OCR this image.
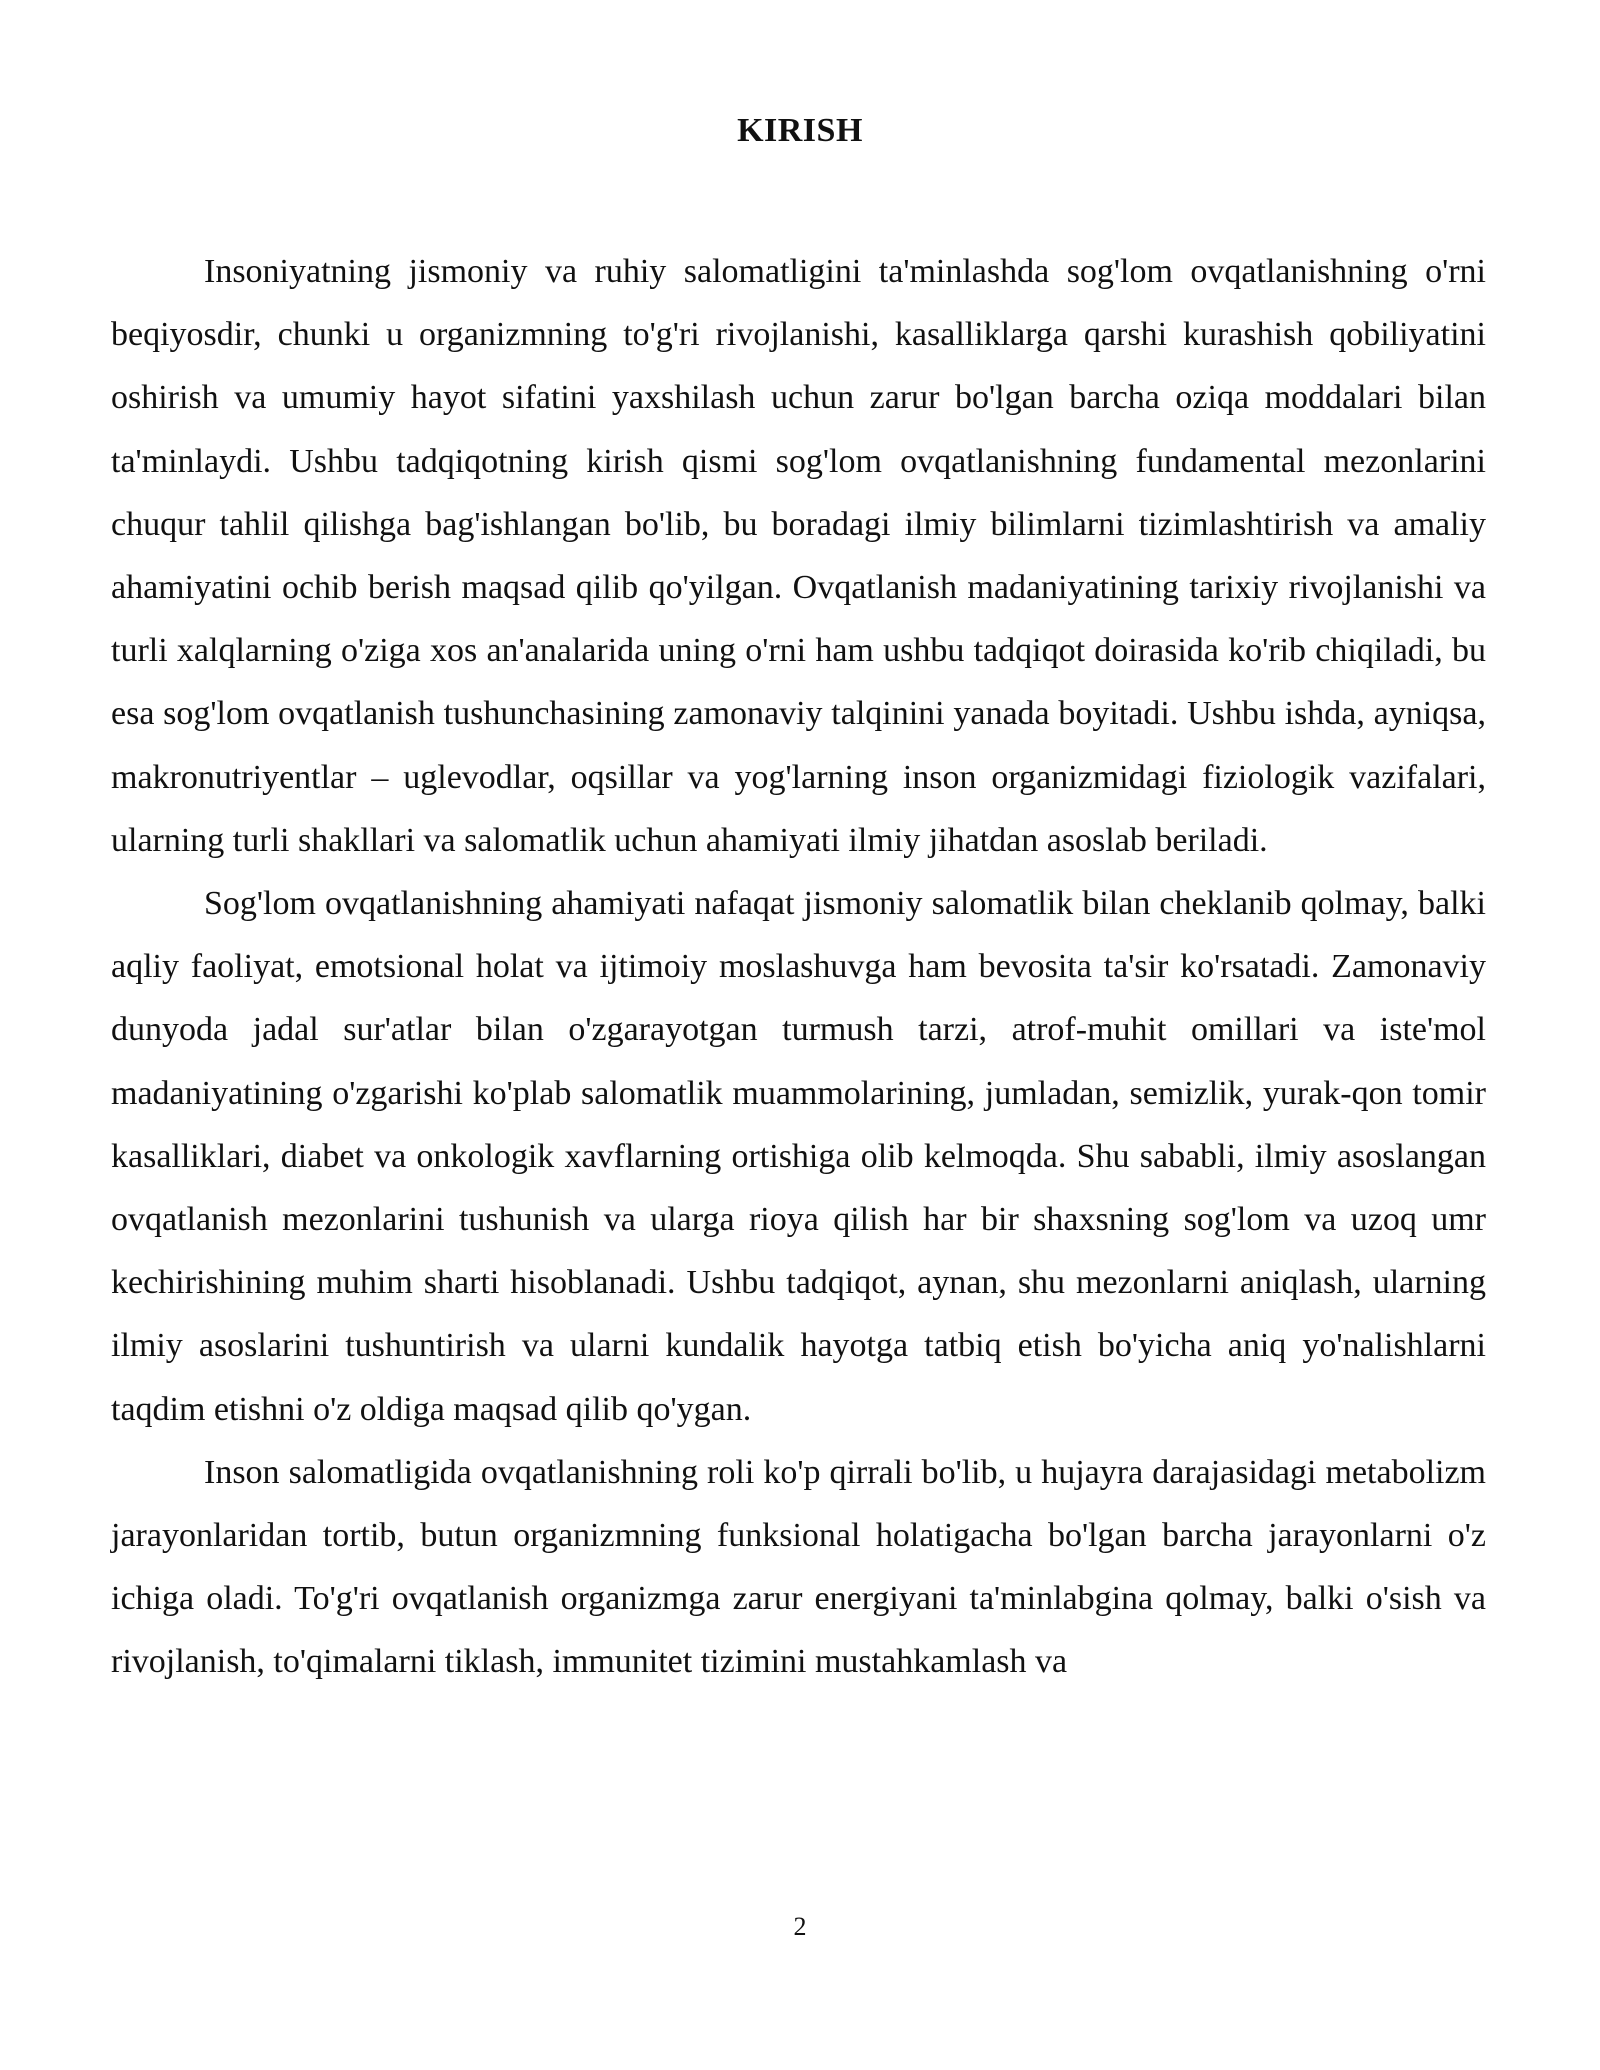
KIRISH

Insoniyatning jismoniy va ruhiy salomatligini ta'minlashda sog'lom ovqatlanishning o'rni beqiyosdir, chunki u organizmning to'g'ri rivojlanishi, kasalliklarga qarshi kurashish qobiliyatini oshirish va umumiy hayot sifatini yaxshilash uchun zarur bo'lgan barcha oziqa moddalari bilan ta'minlaydi. Ushbu tadqiqotning kirish qismi sog'lom ovqatlanishning fundamental mezonlarini chuqur tahlil qilishga bag'ishlangan bo'lib, bu boradagi ilmiy bilimlarni tizimlashtirish va amaliy ahamiyatini ochib berish maqsad qilib qo'yilgan. Ovqatlanish madaniyatining tarixiy rivojlanishi va turli xalqlarning o'ziga xos an'analarida uning o'rni ham ushbu tadqiqot doirasida ko'rib chiqiladi, bu esa sog'lom ovqatlanish tushunchasining zamonaviy talqinini yanada boyitadi. Ushbu ishda, ayniqsa, makronutriyentlar – uglevodlar, oqsillar va yog'larning inson organizmidagi fiziologik vazifalari, ularning turli shakllari va salomatlik uchun ahamiyati ilmiy jihatdan asoslab beriladi.

Sog'lom ovqatlanishning ahamiyati nafaqat jismoniy salomatlik bilan cheklanib qolmay, balki aqliy faoliyat, emotsional holat va ijtimoiy moslashuvga ham bevosita ta'sir ko'rsatadi. Zamonaviy dunyoda jadal sur'atlar bilan o'zgarayotgan turmush tarzi, atrof-muhit omillari va iste'mol madaniyatining o'zgarishi ko'plab salomatlik muammolarining, jumladan, semizlik, yurak-qon tomir kasalliklari, diabet va onkologik xavflarning ortishiga olib kelmoqda. Shu sababli, ilmiy asoslangan ovqatlanish mezonlarini tushunish va ularga rioya qilish har bir shaxsning sog'lom va uzoq umr kechirishining muhim sharti hisoblanadi. Ushbu tadqiqot, aynan, shu mezonlarni aniqlash, ularning ilmiy asoslarini tushuntirish va ularni kundalik hayotga tatbiq etish bo'yicha aniq yo'nalishlarni taqdim etishni o'z oldiga maqsad qilib qo'ygan.

Inson salomatligida ovqatlanishning roli ko'p qirrali bo'lib, u hujayra darajasidagi metabolizm jarayonlaridan tortib, butun organizmning funksional holatigacha bo'lgan barcha jarayonlarni o'z ichiga oladi. To'g'ri ovqatlanish organizmga zarur energiyani ta'minlabgina qolmay, balki o'sish va rivojlanish, to'qimalarni tiklash, immunitet tizimini mustahkamlash va

2
